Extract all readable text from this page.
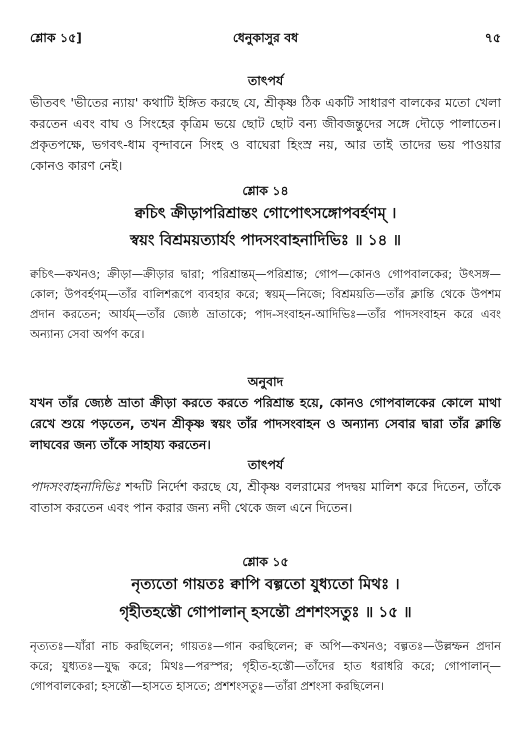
শ্লোক ১৫]	ধেনুকাসুর বধ	৭৫
তাৎপর্য
ভীতবৎ 'ভীতের ন্যায়' কথাটি ইঙ্গিত করছে যে, শ্রীকৃষ্ণ ঠিক একটি সাধারণ বালকের মতো খেলা করতেন এবং বাঘ ও সিংহের কৃত্রিম ভয়ে ছোট ছোট বন্য জীবজন্তুদের সঙ্গে দৌড়ে পালাতেন। প্রকৃতপক্ষে, ভগবৎ-ধাম বৃন্দাবনে সিংহ ও বাঘেরা হিংস্র নয়, আর তাই তাদের ভয় পাওয়ার কোনও কারণ নেই।
শ্লোক ১৪
ক্বচিৎ ক্রীড়াপরিশ্রান্তং গোপোৎসঙ্গোপবর্হণম্ ।
স্বয়ং বিশ্রময়ত্যার্যং পাদসংবাহনাদিভিঃ ॥ ১৪ ॥
ক্বচিৎ—কখনও; ক্রীড়া—ক্রীড়ার দ্বারা; পরিশ্রান্তম্—পরিশ্রান্ত; গোপ—কোনও গোপবালকের; উৎসঙ্গ—কোল; উপবর্হণম্—তাঁর বালিশরূপে ব্যবহার করে; স্বয়ম্—নিজে; বিশ্রময়তি—তাঁর ক্লান্তি থেকে উপশম প্রদান করতেন; আর্যম্—তাঁর জ্যেষ্ঠ ভ্রাতাকে; পাদ-সংবাহন-আদিভিঃ—তাঁর পাদসংবাহন করে এবং অন্যান্য সেবা অর্পণ করে।
অনুবাদ
যখন তাঁর জ্যেষ্ঠ ভ্রাতা ক্রীড়া করতে করতে পরিশ্রান্ত হয়ে, কোনও গোপবালকের কোলে মাথা রেখে শুয়ে পড়তেন, তখন শ্রীকৃষ্ণ স্বয়ং তাঁর পাদসংবাহন ও অন্যান্য সেবার দ্বারা তাঁর ক্লান্তি লাঘবের জন্য তাঁকে সাহায্য করতেন।
তাৎপর্য
পাদসংবাহনাদিভিঃ শব্দটি নির্দেশ করছে যে, শ্রীকৃষ্ণ বলরামের পদদ্বয় মালিশ করে দিতেন, তাঁকে বাতাস করতেন এবং পান করার জন্য নদী থেকে জল এনে দিতেন।
শ্লোক ১৫
নৃত্যতো গায়তঃ ক্বাপি বল্গতো যুধ্যতো মিথঃ ।
গৃহীতহস্তৌ গোপালান্ হসন্তৌ প্রশশংসতুঃ ॥ ১৫ ॥
নৃত্যতঃ—যাঁরা নাচ করছিলেন; গায়তঃ—গান করছিলেন; ক্ব অপি—কখনও; বল্গতঃ—উল্লম্ফন প্রদান করে; যুধ্যতঃ—যুদ্ধ করে; মিথঃ—পরস্পর; গৃহীত-হস্তৌ—তাঁদের হাত ধরাধরি করে; গোপালান্—গোপবালকেরা; হসন্তৌ—হাসতে হাসতে; প্রশশংসতুঃ—তাঁরা প্রশংসা করছিলেন।
